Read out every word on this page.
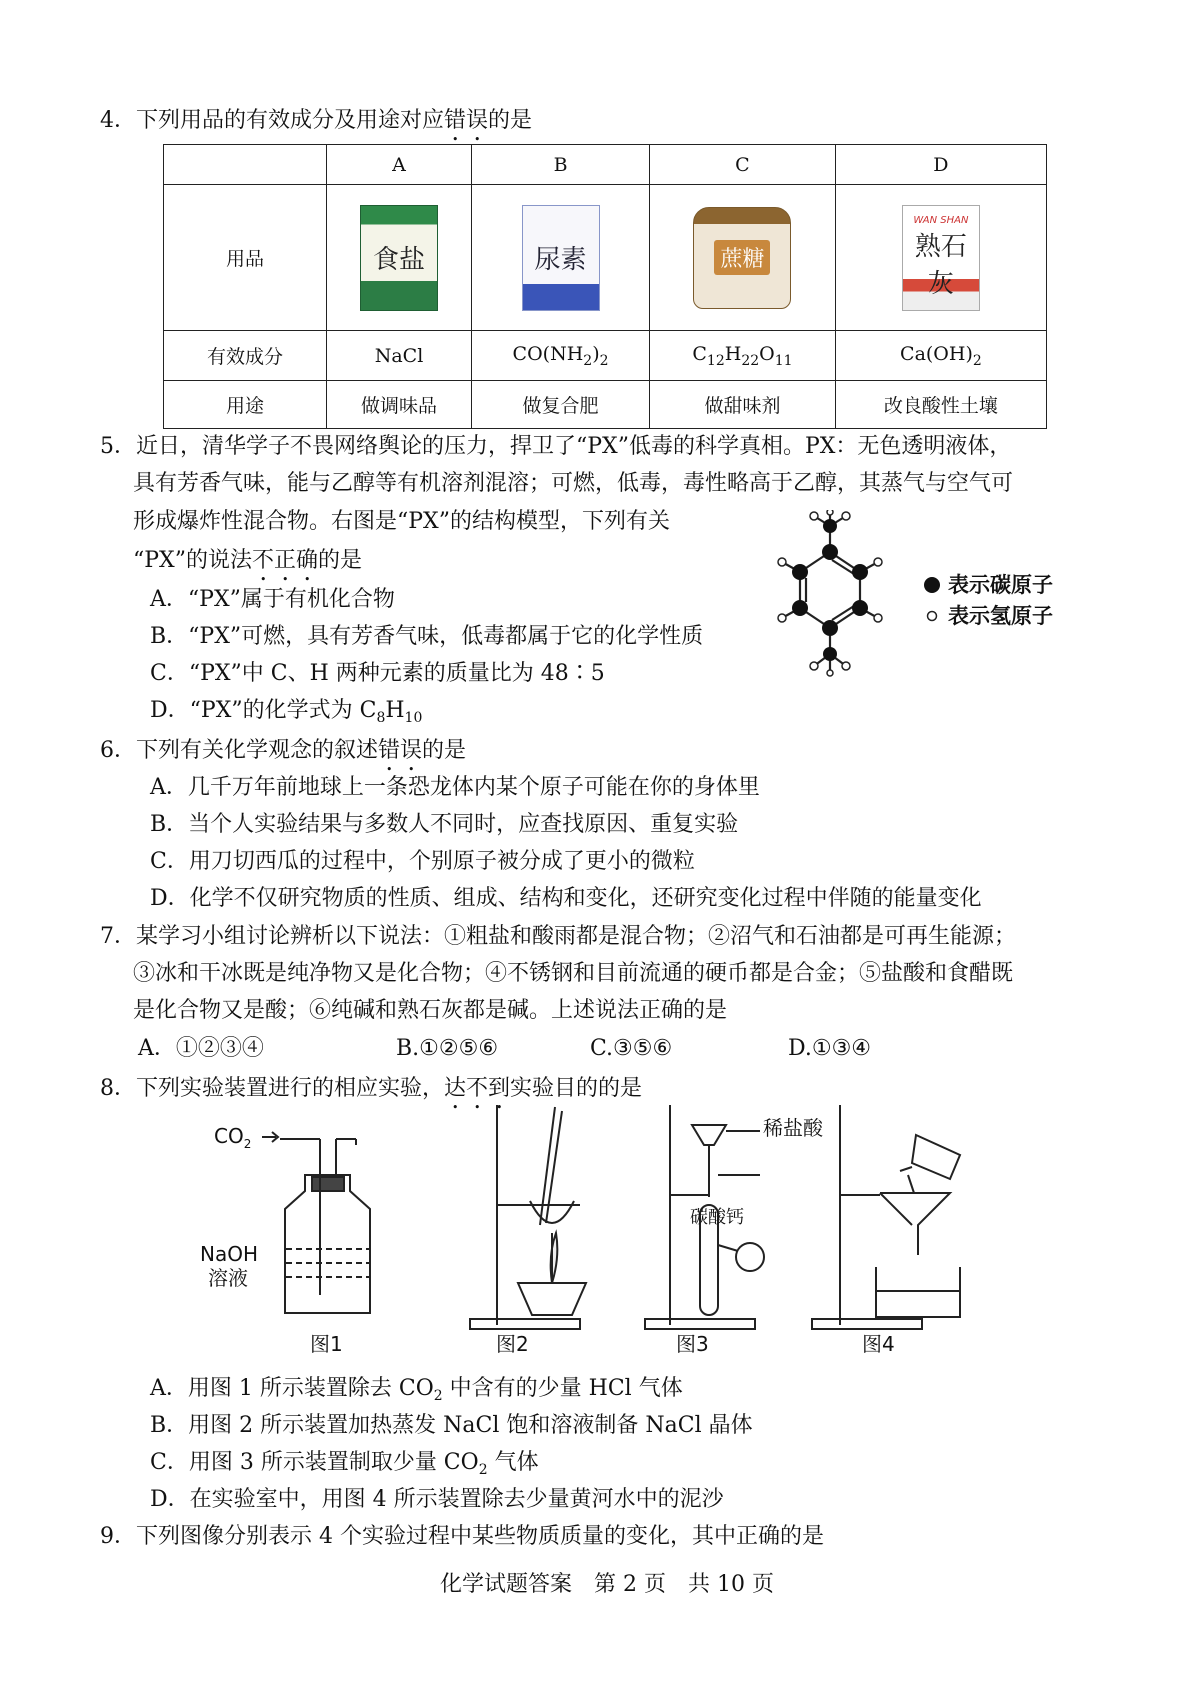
4．下列用品的有效成分及用途对应错误的是
	A	B	C	D
用品	食盐	尿素	蔗糖	WAN SHAN
熟石灰

有效成分	NaCl	$CO(NH_2)_2$	$C_{12}H_{22}O_{11}$	$Ca(OH)_2$
用途	做调味品	做复合肥	做甜味剂	改良酸性土壤
5．近日，清华学子不畏网络舆论的压力，捍卫了“PX”低毒的科学真相。PX：无色透明液体，
具有芳香气味，能与乙醇等有机溶剂混溶；可燃，低毒，毒性略高于乙醇，其蒸气与空气可
形成爆炸性混合物。右图是“PX”的结构模型，下列有关
“PX”的说法不正确的是
A．“PX”属于有机化合物
B．“PX”可燃，具有芳香气味，低毒都属于它的化学性质
C．“PX”中 C、H 两种元素的质量比为 48∶5
D．“PX”的化学式为 $C_8H_{10}$
表示碳原子
表示氢原子
6．下列有关化学观念的叙述错误的是
A．几千万年前地球上一条恐龙体内某个原子可能在你的身体里
B．当个人实验结果与多数人不同时，应查找原因、重复实验
C．用刀切西瓜的过程中，个别原子被分成了更小的微粒
D．化学不仅研究物质的性质、组成、结构和变化，还研究变化过程中伴随的能量变化
7．某学习小组讨论辨析以下说法：①粗盐和酸雨都是混合物；②沼气和石油都是可再生能源；
③冰和干冰既是纯净物又是化合物；④不锈钢和目前流通的硬币都是合金；⑤盐酸和食醋既
是化合物又是酸；⑥纯碱和熟石灰都是碱。上述说法正确的是
A．①②③④	B.①②⑤⑥	C.③⑤⑥	D.①③④
8．下列实验装置进行的相应实验，达不到实验目的的是
$CO_2$
NaOH
溶液
稀盐酸
碳酸钙
图1	图2	图3	图4
A．用图 1 所示装置除去 $CO_2$ 中含有的少量 HCl 气体
B．用图 2 所示装置加热蒸发 NaCl 饱和溶液制备 NaCl 晶体
C．用图 3 所示装置制取少量 $CO_2$ 气体
D．在实验室中，用图 4 所示装置除去少量黄河水中的泥沙
9．下列图像分别表示 4 个实验过程中某些物质质量的变化，其中正确的是
化学试题答案　第 2 页　共 10 页
